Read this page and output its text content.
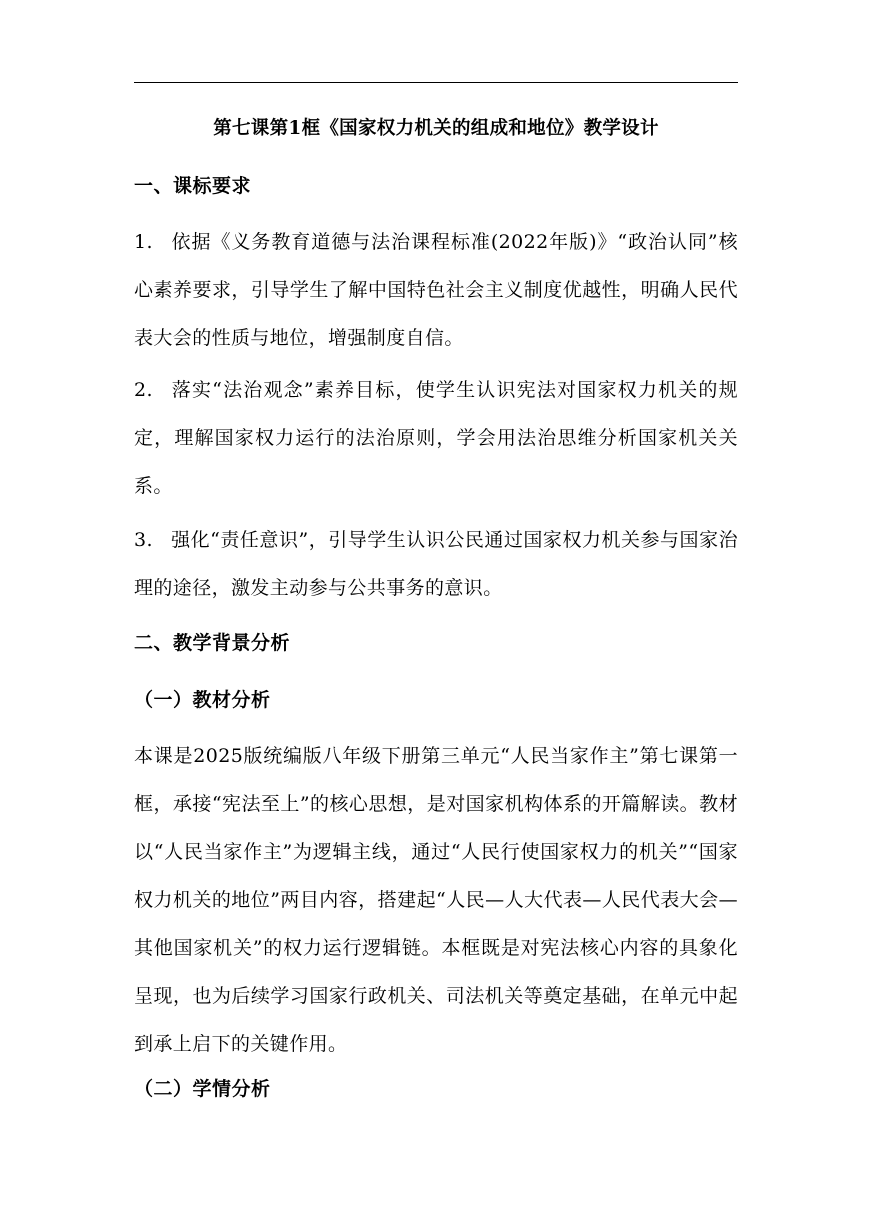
第七课第1框《国家权力机关的组成和地位》教学设计
一、课标要求
1. 依据《义务教育道德与法治课程标准(2022年版)》“政治认同”核心素养要求，引导学生了解中国特色社会主义制度优越性，明确人民代表大会的性质与地位，增强制度自信。
2. 落实“法治观念”素养目标，使学生认识宪法对国家权力机关的规定，理解国家权力运行的法治原则，学会用法治思维分析国家机关关系。
3. 强化“责任意识”，引导学生认识公民通过国家权力机关参与国家治理的途径，激发主动参与公共事务的意识。
二、教学背景分析
（一）教材分析
本课是2025版统编版八年级下册第三单元“人民当家作主”第七课第一框，承接“宪法至上”的核心思想，是对国家机构体系的开篇解读。教材以“人民当家作主”为逻辑主线，通过“人民行使国家权力的机关”“国家权力机关的地位”两目内容，搭建起“人民—人大代表—人民代表大会—其他国家机关”的权力运行逻辑链。本框既是对宪法核心内容的具象化呈现，也为后续学习国家行政机关、司法机关等奠定基础，在单元中起到承上启下的关键作用。
（二）学情分析
